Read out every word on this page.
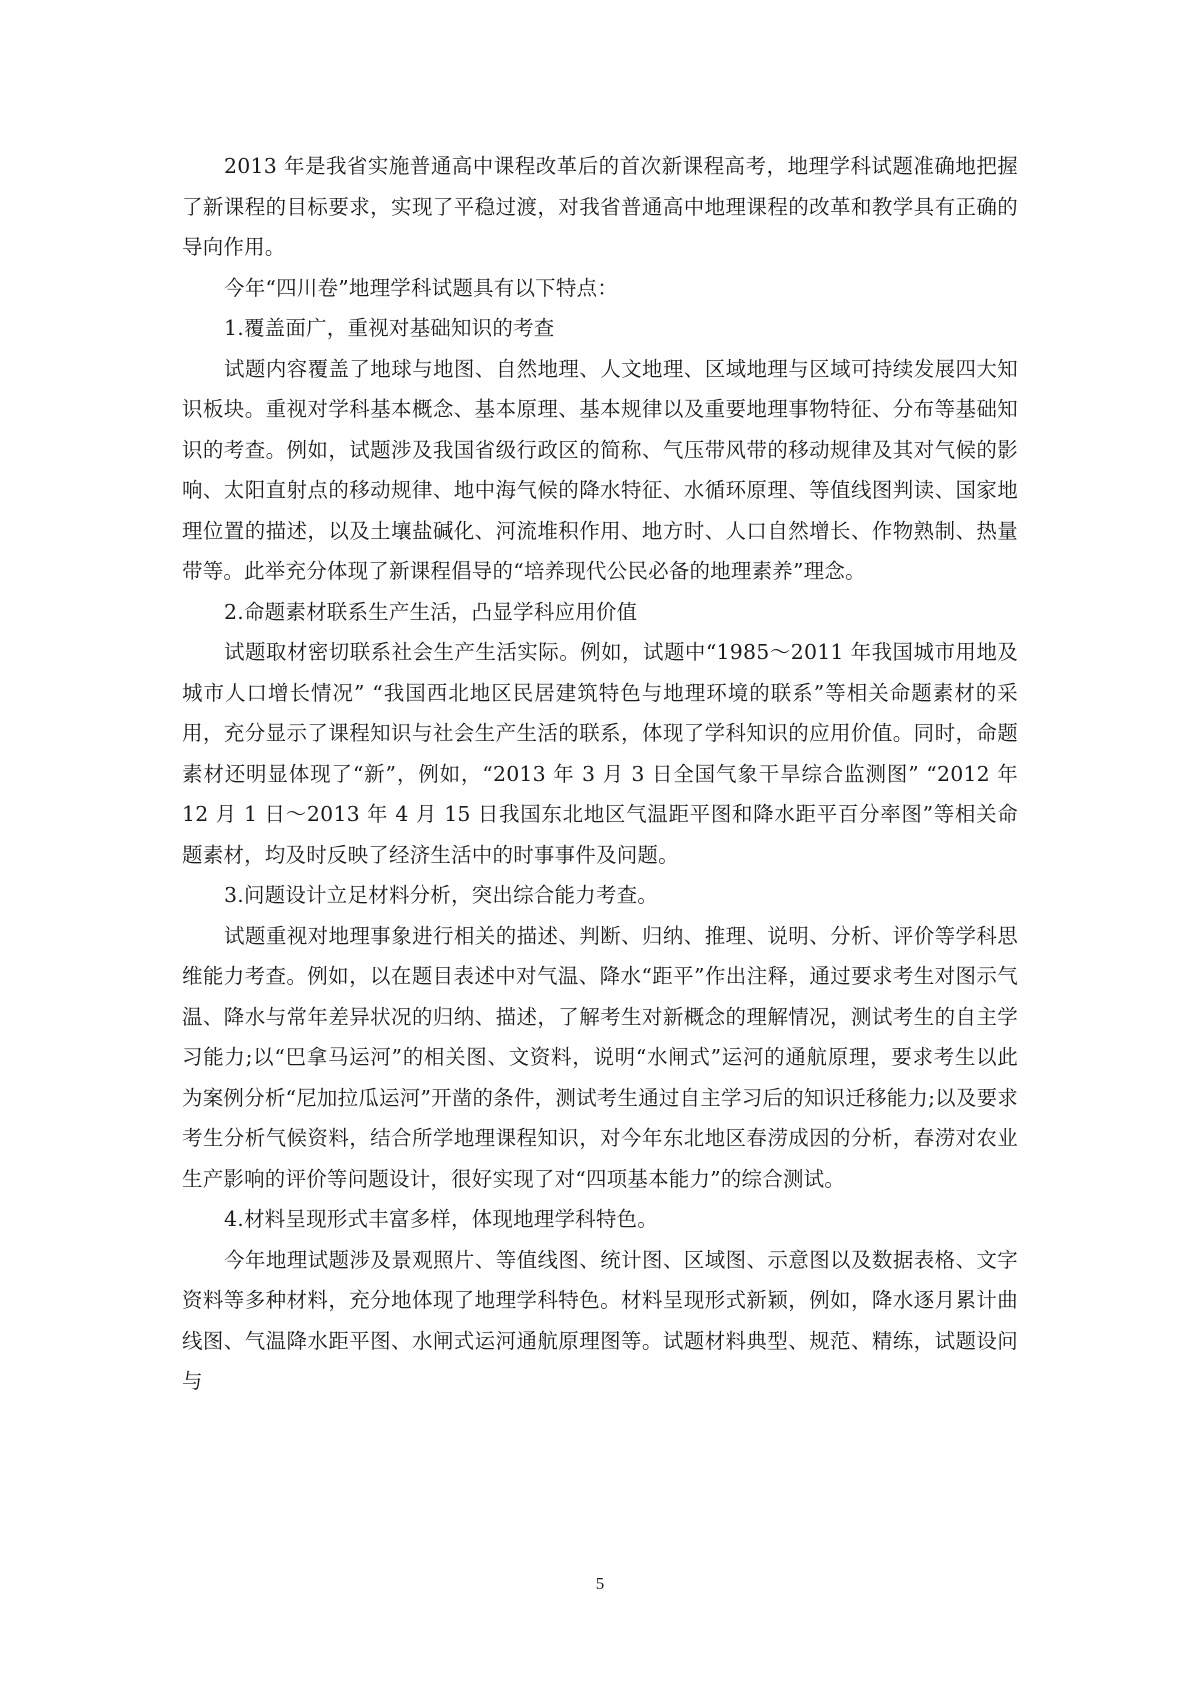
2013 年是我省实施普通高中课程改革后的首次新课程高考，地理学科试题准确地把握了新课程的目标要求，实现了平稳过渡，对我省普通高中地理课程的改革和教学具有正确的导向作用。

今年“四川卷”地理学科试题具有以下特点：

1.覆盖面广，重视对基础知识的考查

试题内容覆盖了地球与地图、自然地理、人文地理、区域地理与区域可持续发展四大知识板块。重视对学科基本概念、基本原理、基本规律以及重要地理事物特征、分布等基础知识的考查。例如，试题涉及我国省级行政区的简称、气压带风带的移动规律及其对气候的影响、太阳直射点的移动规律、地中海气候的降水特征、水循环原理、等值线图判读、国家地理位置的描述，以及土壤盐碱化、河流堆积作用、地方时、人口自然增长、作物熟制、热量带等。此举充分体现了新课程倡导的“培养现代公民必备的地理素养”理念。

2.命题素材联系生产生活，凸显学科应用价值

试题取材密切联系社会生产生活实际。例如，试题中“1985～2011 年我国城市用地及城市人口增长情况” “我国西北地区民居建筑特色与地理环境的联系”等相关命题素材的采用，充分显示了课程知识与社会生产生活的联系，体现了学科知识的应用价值。同时，命题素材还明显体现了“新”，例如，“2013 年 3 月 3 日全国气象干旱综合监测图” “2012 年 12 月 1 日～2013 年 4 月 15 日我国东北地区气温距平图和降水距平百分率图”等相关命题素材，均及时反映了经济生活中的时事事件及问题。

3.问题设计立足材料分析，突出综合能力考查。

试题重视对地理事象进行相关的描述、判断、归纳、推理、说明、分析、评价等学科思维能力考查。例如，以在题目表述中对气温、降水“距平”作出注释，通过要求考生对图示气温、降水与常年差异状况的归纳、描述，了解考生对新概念的理解情况，测试考生的自主学习能力;以“巴拿马运河”的相关图、文资料，说明“水闸式”运河的通航原理，要求考生以此为案例分析“尼加拉瓜运河”开凿的条件，测试考生通过自主学习后的知识迁移能力;以及要求考生分析气候资料，结合所学地理课程知识，对今年东北地区春涝成因的分析，春涝对农业生产影响的评价等问题设计，很好实现了对“四项基本能力”的综合测试。

4.材料呈现形式丰富多样，体现地理学科特色。

今年地理试题涉及景观照片、等值线图、统计图、区域图、示意图以及数据表格、文字资料等多种材料，充分地体现了地理学科特色。材料呈现形式新颖，例如，降水逐月累计曲线图、气温降水距平图、水闸式运河通航原理图等。试题材料典型、规范、精练，试题设问与

5
